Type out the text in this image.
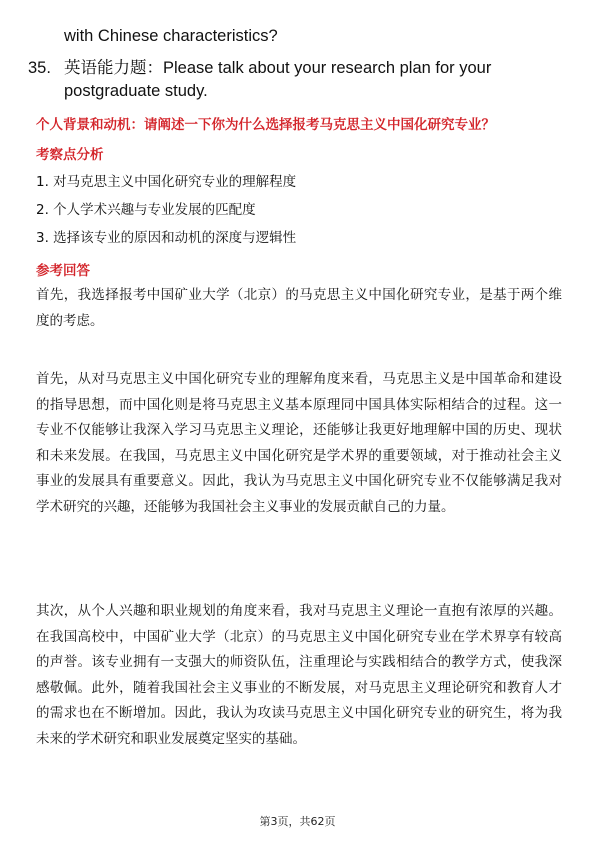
with Chinese characteristics?
35. 英语能力题：Please talk about your research plan for your postgraduate study.
个人背景和动机：请阐述一下你为什么选择报考马克思主义中国化研究专业？
考察点分析
1. 对马克思主义中国化研究专业的理解程度
2. 个人学术兴趣与专业发展的匹配度
3. 选择该专业的原因和动机的深度与逻辑性
参考回答

首先，我选择报考中国矿业大学（北京）的马克思主义中国化研究专业，是基于两个维度的考虑。

首先，从对马克思主义中国化研究专业的理解角度来看，马克思主义是中国革命和建设的指导思想，而中国化则是将马克思主义基本原理同中国具体实际相结合的过程。这一专业不仅能够让我深入学习马克思主义理论，还能够让我更好地理解中国的历史、现状和未来发展。在我国，马克思主义中国化研究是学术界的重要领域，对于推动社会主义事业的发展具有重要意义。因此，我认为马克思主义中国化研究专业不仅能够满足我对学术研究的兴趣，还能够为我国社会主义事业的发展贡献自己的力量。

其次，从个人兴趣和职业规划的角度来看，我对马克思主义理论一直抱有浓厚的兴趣。在我国高校中，中国矿业大学（北京）的马克思主义中国化研究专业在学术界享有较高的声誉。该专业拥有一支强大的师资队伍，注重理论与实践相结合的教学方式，使我深感敬佩。此外，随着我国社会主义事业的不断发展，对马克思主义理论研究和教育人才的需求也在不断增加。因此，我认为攻读马克思主义中国化研究专业的研究生，将为我未来的学术研究和职业发展奠定坚实的基础。

第3页，共62页
